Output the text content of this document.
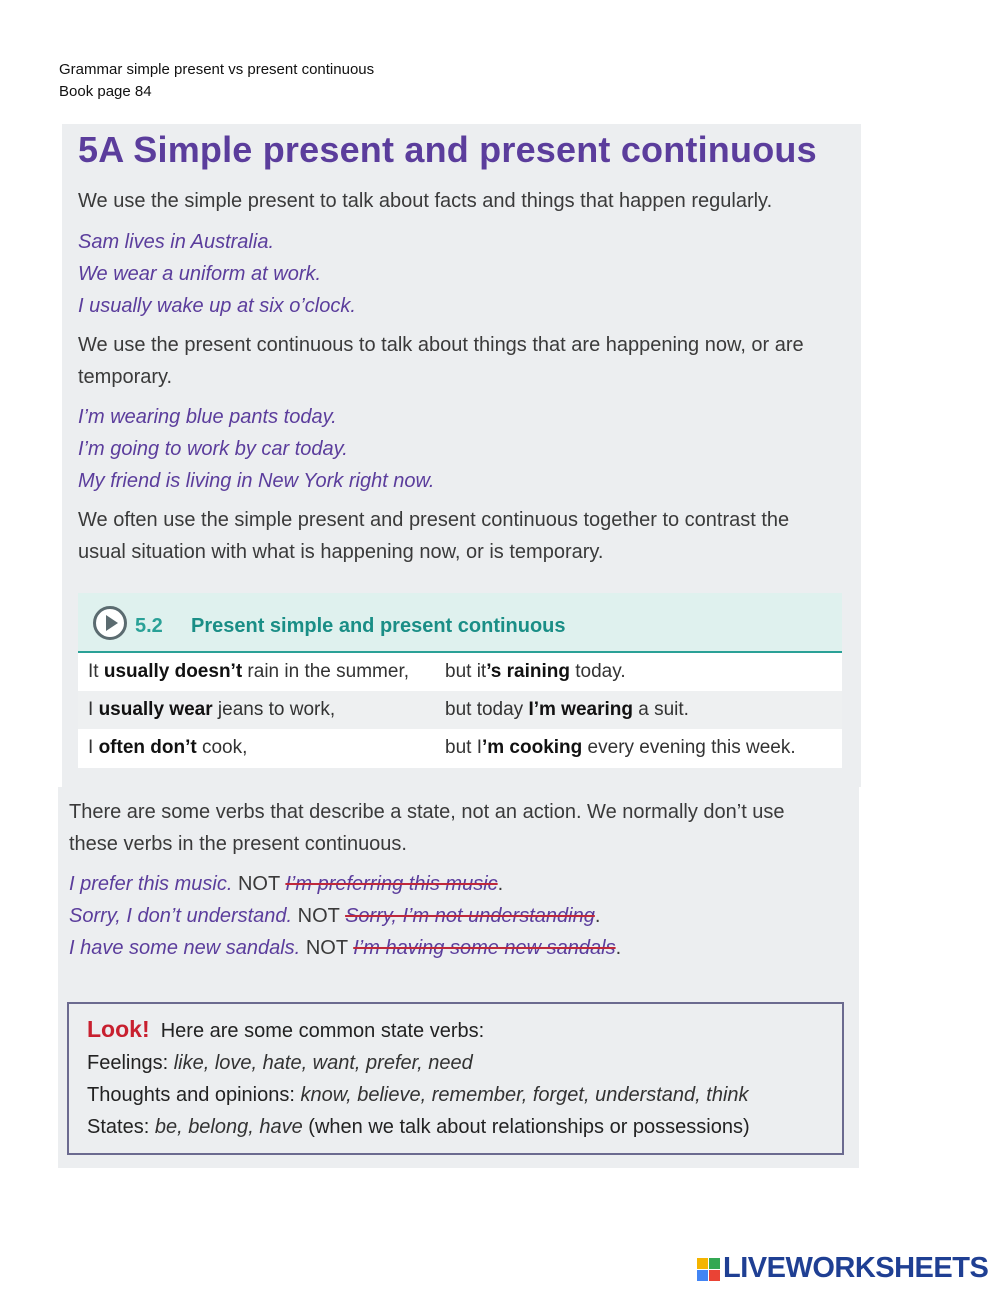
Grammar simple present vs present continuous
Book page 84
5A Simple present and present continuous
We use the simple present to talk about facts and things that happen regularly.
Sam lives in Australia.
We wear a uniform at work.
I usually wake up at six o’clock.
We use the present continuous to talk about things that are happening now, or are
temporary.
I’m wearing blue pants today.
I’m going to work by car today.
My friend is living in New York right now.
We often use the simple present and present continuous together to contrast the
usual situation with what is happening now, or is temporary.
5.2 Present simple and present continuous
It usually doesn’t rain in the summer, but it’s raining today.
I usually wear jeans to work,	but today I’m wearing a suit.
I often don’t cook,	but I’m cooking every evening this week.
There are some verbs that describe a state, not an action. We normally don’t use
these verbs in the present continuous.
I prefer this music. NOT I’m preferring this music.
Sorry, I don’t understand. NOT Sorry, I’m not understanding.
I have some new sandals. NOT I’m having some new sandals.
Look! Here are some common state verbs:
Feelings: like, love, hate, want, prefer, need
Thoughts and opinions: know, believe, remember, forget, understand, think
States: be, belong, have (when we talk about relationships or possessions)
LIVEWORKSHEETS
